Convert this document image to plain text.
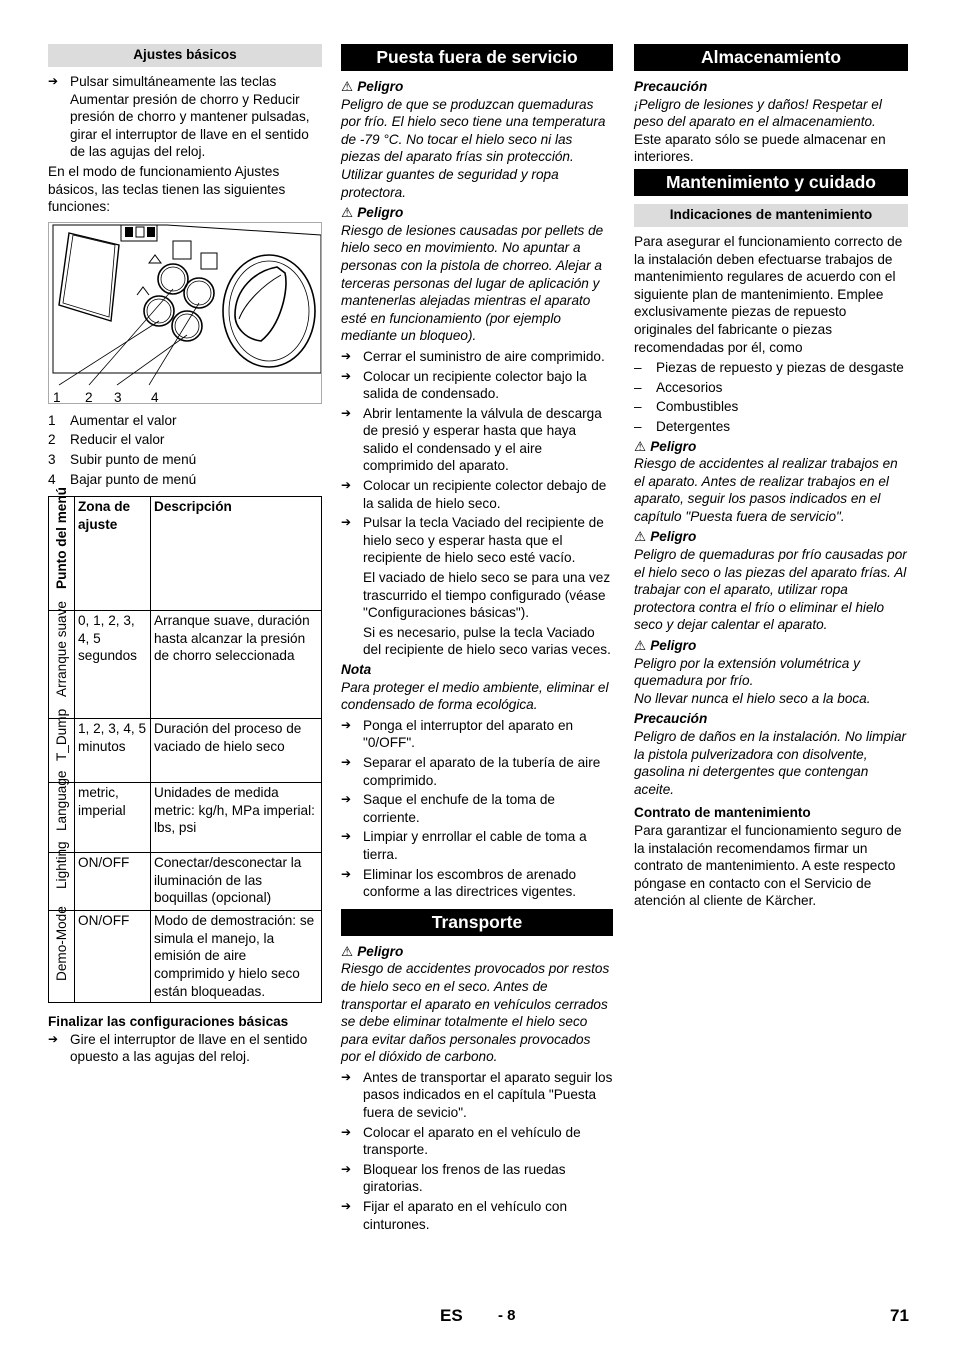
Ajustes básicos
➔ Pulsar simultáneamente las teclas Aumentar presión de chorro y Reducir presión de chorro y mantener pulsadas, girar el interruptor de llave en el sentido de las agujas del reloj.

En el modo de funcionamiento Ajustes básicos, las teclas tienen las siguientes funciones:

1 2 3 4
1 Aumentar el valor
2 Reducir el valor
3 Subir punto de menú
4 Bajar punto de menú
Punto del menú	Zona de ajuste	Descripción

Arranque suave	0, 1, 2, 3, 4, 5 segundos	Arranque suave, duración hasta alcanzar la presión de chorro seleccionada

T_Dump	1, 2, 3, 4, 5 minutos	Duración del proceso de vaciado de hielo seco

Language	metric, imperial	Unidades de medida metric: kg/h, MPa imperial: lbs, psi

Lighting	ON/OFF	Conectar/desconectar la iluminación de las boquillas (opcional)

Demo-Mode	ON/OFF	Modo de demostración: se simula el manejo, la emisión de aire comprimido y hielo seco están bloqueadas.
Finalizar las configuraciones básicas
➔ Gire el interruptor de llave en el sentido opuesto a las agujas del reloj.
Puesta fuera de servicio
⚠ Peligro
Peligro de que se produzcan quemaduras por frío. El hielo seco tiene una temperatura de -79 °C. No tocar el hielo seco ni las piezas del aparato frías sin protección. Utilizar guantes de seguridad y ropa protectora.
⚠ Peligro
Riesgo de lesiones causadas por pellets de hielo seco en movimiento. No apuntar a personas con la pistola de chorreo. Alejar a terceras personas del lugar de aplicación y mantenerlas alejadas mientras el aparato esté en funcionamiento (por ejemplo mediante un bloqueo).
➔ Cerrar el suministro de aire comprimido.
➔ Colocar un recipiente colector bajo la salida de condensado.
➔ Abrir lentamente la válvula de descarga de presió y esperar hasta que haya salido el condensado y el aire comprimido del aparato.
➔ Colocar un recipiente colector debajo de la salida de hielo seco.
➔ Pulsar la tecla Vaciado del recipiente de hielo seco y esperar hasta que el recipiente de hielo seco esté vacío.
El vaciado de hielo seco se para una vez trascurrido el tiempo configurado (véase "Configuraciones básicas").
Si es necesario, pulse la tecla Vaciado del recipiente de hielo seco varias veces.
Nota
Para proteger el medio ambiente, eliminar el condensado de forma ecológica.
➔ Ponga el interruptor del aparato en "0/OFF".
➔ Separar el aparato de la tubería de aire comprimido.
➔ Saque el enchufe de la toma de corriente.
➔ Limpiar y enrrollar el cable de toma a tierra.
➔ Eliminar los escombros de arenado conforme a las directrices vigentes.
Transporte
⚠ Peligro
Riesgo de accidentes provocados por restos de hielo seco en el seco. Antes de transportar el aparato en vehículos cerrados se debe eliminar totalmente el hielo seco para evitar daños personales provocados por el dióxido de carbono.
➔ Antes de transportar el aparato seguir los pasos indicados en el capítula "Puesta fuera de sevicio".
➔ Colocar el aparato en el vehículo de transporte.
➔ Bloquear los frenos de las ruedas giratorias.
➔ Fijar el aparato en el vehículo con cinturones.
Almacenamiento
Precaución
¡Peligro de lesiones y daños! Respetar el peso del aparato en el almacenamiento.

Este aparato sólo se puede almacenar en interiores.

Mantenimiento y cuidado
Indicaciones de mantenimiento

Para asegurar el funcionamiento correcto de la instalación deben efectuarse trabajos de mantenimiento regulares de acuerdo con el siguiente plan de mantenimiento. Emplee exclusivamente piezas de repuesto originales del fabricante o piezas recomendadas por él, como

– Piezas de repuesto y piezas de desgaste
– Accesorios
– Combustibles
– Detergentes
⚠ Peligro
Riesgo de accidentes al realizar trabajos en el aparato. Antes de realizar trabajos en el aparato, seguir los pasos indicados en el capítulo "Puesta fuera de servicio".
⚠ Peligro
Peligro de quemaduras por frío causadas por el hielo seco o las piezas del aparato frías. Al trabajar con el aparato, utilizar ropa protectora contra el frío o eliminar el hielo seco y dejar calentar el aparato.
⚠ Peligro
Peligro por la extensión volumétrica y quemadura por frío.
No llevar nunca el hielo seco a la boca.
Precaución
Peligro de daños en la instalación. No limpiar la pistola pulverizadora con disolvente, gasolina ni detergentes que contengan aceite.
Contrato de mantenimiento

Para garantizar el funcionamiento seguro de la instalación recomendamos firmar un contrato de mantenimiento. A este respecto póngase en contacto con el Servicio de atención al cliente de Kärcher.

ES - 8	71
